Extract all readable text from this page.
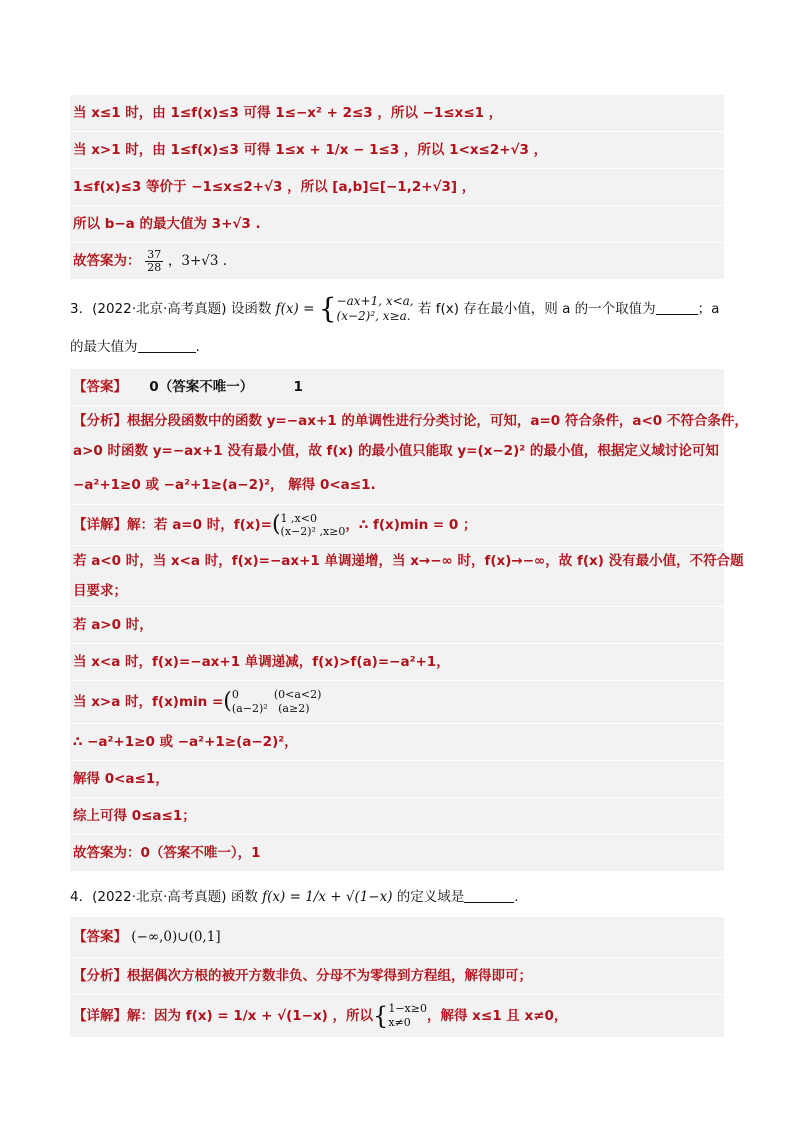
当 x≤1 时，由 1≤f(x)≤3 可得 1≤−x² + 2≤3 ，所以 −1≤x≤1 ，
当 x>1 时，由 1≤f(x)≤3 可得 1≤x + 1/x − 1≤3 ，所以 1<x≤2+√3 ，
1≤f(x)≤3 等价于 −1≤x≤2+√3 ，所以 [a,b]⊆[−1,2+√3] ，
所以 b−a 的最大值为 3+√3 .
故答案为： $\frac{37}{28}$ ，3+√3 .
3．(2022·北京·高考真题) 设函数 f(x) = { −ax+1, x<a,
(x−2)², x≥a. 若 f(x) 存在最小值，则 a 的一个取值为	；a
的最大值为	.
【答案】 0（答案不唯一）	1
【分析】根据分段函数中的函数 y=−ax+1 的单调性进行分类讨论，可知，a=0 符合条件，a<0 不符合条件，
a>0 时函数 y=−ax+1 没有最小值，故 f(x) 的最小值只能取 y=(x−2)² 的最小值，根据定义域讨论可知
−a²+1≥0 或 −a²+1≥(a−2)²， 解得 0<a≤1.
【详解】解：若 a=0 时，f(x)=( 1 ,x<0
(x−2)² ,x≥0 ，∴ f(x)min = 0 ；
若 a<0 时，当 x<a 时，f(x)=−ax+1 单调递增，当 x→−∞ 时，f(x)→−∞，故 f(x) 没有最小值，不符合题
目要求；
若 a>0 时，
当 x<a 时，f(x)=−ax+1 单调递减，f(x)>f(a)=−a²+1，
当 x>a 时，f(x)min =( 0          (0<a<2)
(a−2)²   (a≥2)
∴ −a²+1≥0 或 −a²+1≥(a−2)²，
解得 0<a≤1，
综上可得 0≤a≤1；
故答案为：0（答案不唯一），1
4．(2022·北京·高考真题) 函数 f(x) = 1/x + √(1−x) 的定义域是	.
【答案】 (−∞,0)∪(0,1]
【分析】根据偶次方根的被开方数非负、分母不为零得到方程组，解得即可；
【详解】解：因为 f(x) = 1/x + √(1−x) ，所以{ 1−x≥0
x≠0	，解得 x≤1 且 x≠0，
